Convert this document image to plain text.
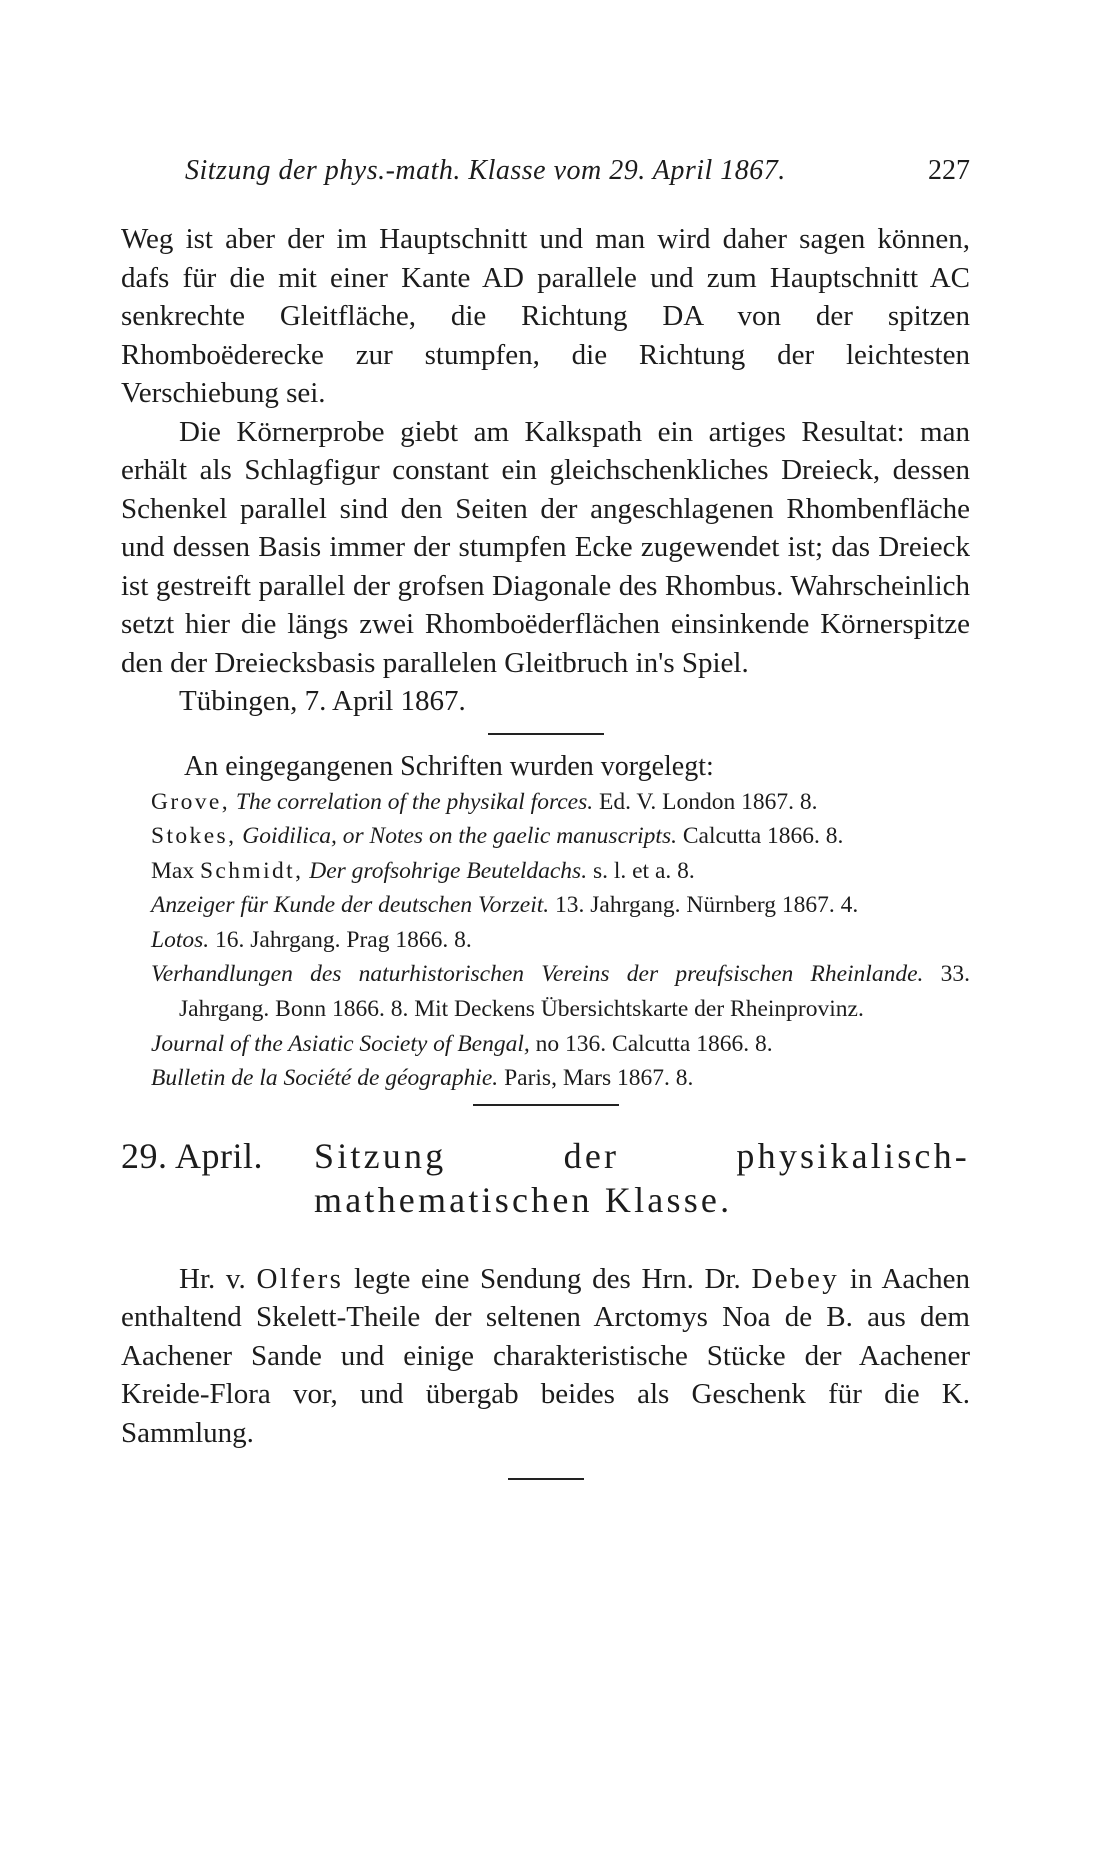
Sitzung der phys.-math. Klasse vom 29. April 1867.	227

Weg ist aber der im Hauptschnitt und man wird daher sagen können, dafs für die mit einer Kante AD parallele und zum Hauptschnitt AC senkrechte Gleitfläche, die Richtung DA von der spitzen Rhomboëderecke zur stumpfen, die Richtung der leichtesten Verschiebung sei.

Die Körnerprobe giebt am Kalkspath ein artiges Resultat: man erhält als Schlagfigur constant ein gleichschenkliches Dreieck, dessen Schenkel parallel sind den Seiten der angeschlagenen Rhombenfläche und dessen Basis immer der stumpfen Ecke zugewendet ist; das Dreieck ist gestreift parallel der grofsen Diagonale des Rhombus. Wahrscheinlich setzt hier die längs zwei Rhomboëderflächen einsinkende Körnerspitze den der Dreiecksbasis parallelen Gleitbruch in's Spiel.

Tübingen, 7. April 1867.

An eingegangenen Schriften wurden vorgelegt:

Grove, The correlation of the physikal forces. Ed. V. London 1867. 8.

Stokes, Goidilica, or Notes on the gaelic manuscripts. Calcutta 1866. 8.

Max Schmidt, Der grofsohrige Beuteldachs. s. l. et a. 8.

Anzeiger für Kunde der deutschen Vorzeit. 13. Jahrgang. Nürnberg 1867. 4.

Lotos. 16. Jahrgang. Prag 1866. 8.

Verhandlungen des naturhistorischen Vereins der preufsischen Rheinlande. 33. Jahrgang. Bonn 1866. 8. Mit Deckens Übersichtskarte der Rheinprovinz.

Journal of the Asiatic Society of Bengal, no 136. Calcutta 1866. 8.

Bulletin de la Société de géographie. Paris, Mars 1867. 8.

29. April. Sitzung der physikalisch-mathematischen Klasse.

Hr. v. Olfers legte eine Sendung des Hrn. Dr. Debey in Aachen enthaltend Skelett-Theile der seltenen Arctomys Noa de B. aus dem Aachener Sande und einige charakteristische Stücke der Aachener Kreide-Flora vor, und übergab beides als Geschenk für die K. Sammlung.
